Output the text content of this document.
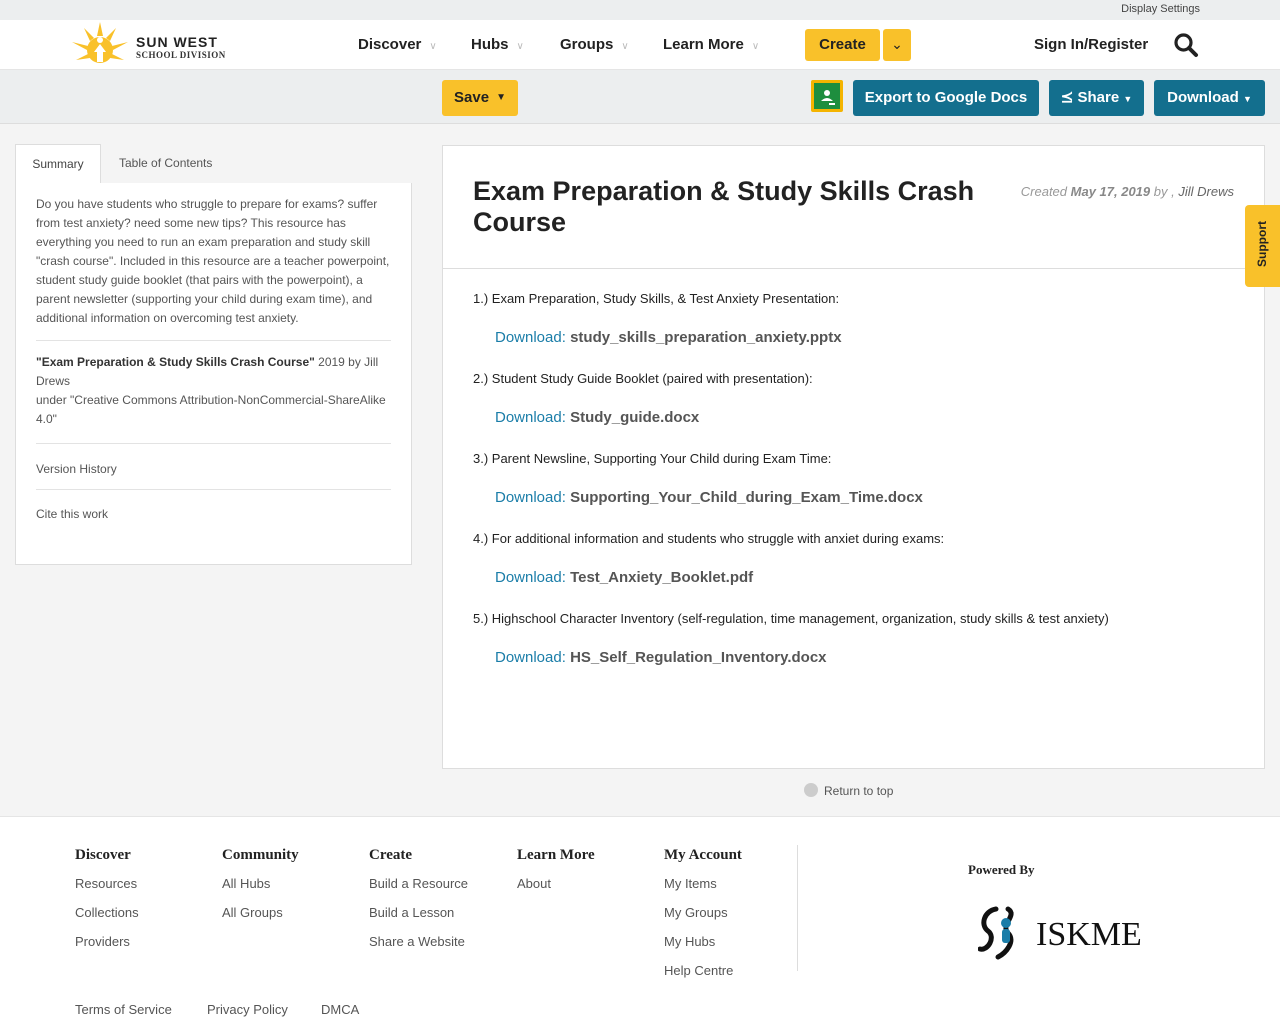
Display Settings
SUN WEST
SCHOOL DIVISION
Discover ∨ Hubs ∨ Groups ∨ Learn More ∨	Create	⌄	Sign In/Register
Save ▼	Export to Google Docs	⪯ Share ▼	Download ▼
Summary	Table of Contents

Do you have students who struggle to prepare for exams? suffer from test anxiety? need some new tips? This resource has everything you need to run an exam preparation and study skill "crash course". Included in this resource are a teacher powerpoint, student study guide booklet (that pairs with the powerpoint), a parent newsletter (supporting your child during exam time), and additional information on overcoming test anxiety.

"Exam Preparation & Study Skills Crash Course" 2019 by Jill Drews

under "Creative Commons Attribution-NonCommercial-ShareAlike 4.0"

Version History

Cite this work

Exam Preparation & Study Skills Crash Course
Created May 17, 2019 by , Jill Drews
1.) Exam Preparation, Study Skills, & Test Anxiety Presentation:
Download: study_skills_preparation_anxiety.pptx
2.) Student Study Guide Booklet (paired with presentation):
Download: Study_guide.docx
3.) Parent Newsline, Supporting Your Child during Exam Time:
Download: Supporting_Your_Child_during_Exam_Time.docx
4.) For additional information and students who struggle with anxiet during exams:
Download: Test_Anxiety_Booklet.pdf
5.) Highschool Character Inventory (self-regulation, time management, organization, study skills & test anxiety)
Download: HS_Self_Regulation_Inventory.docx
Support
Return to top
Discover
Resources
Collections
Providers
Community
All Hubs
All Groups
Create
Build a Resource
Build a Lesson
Share a Website
Learn More
About
My Account
My Items
My Groups
My Hubs
Help Centre
Powered By
ISKME
Terms of Service	Privacy Policy	DMCA
